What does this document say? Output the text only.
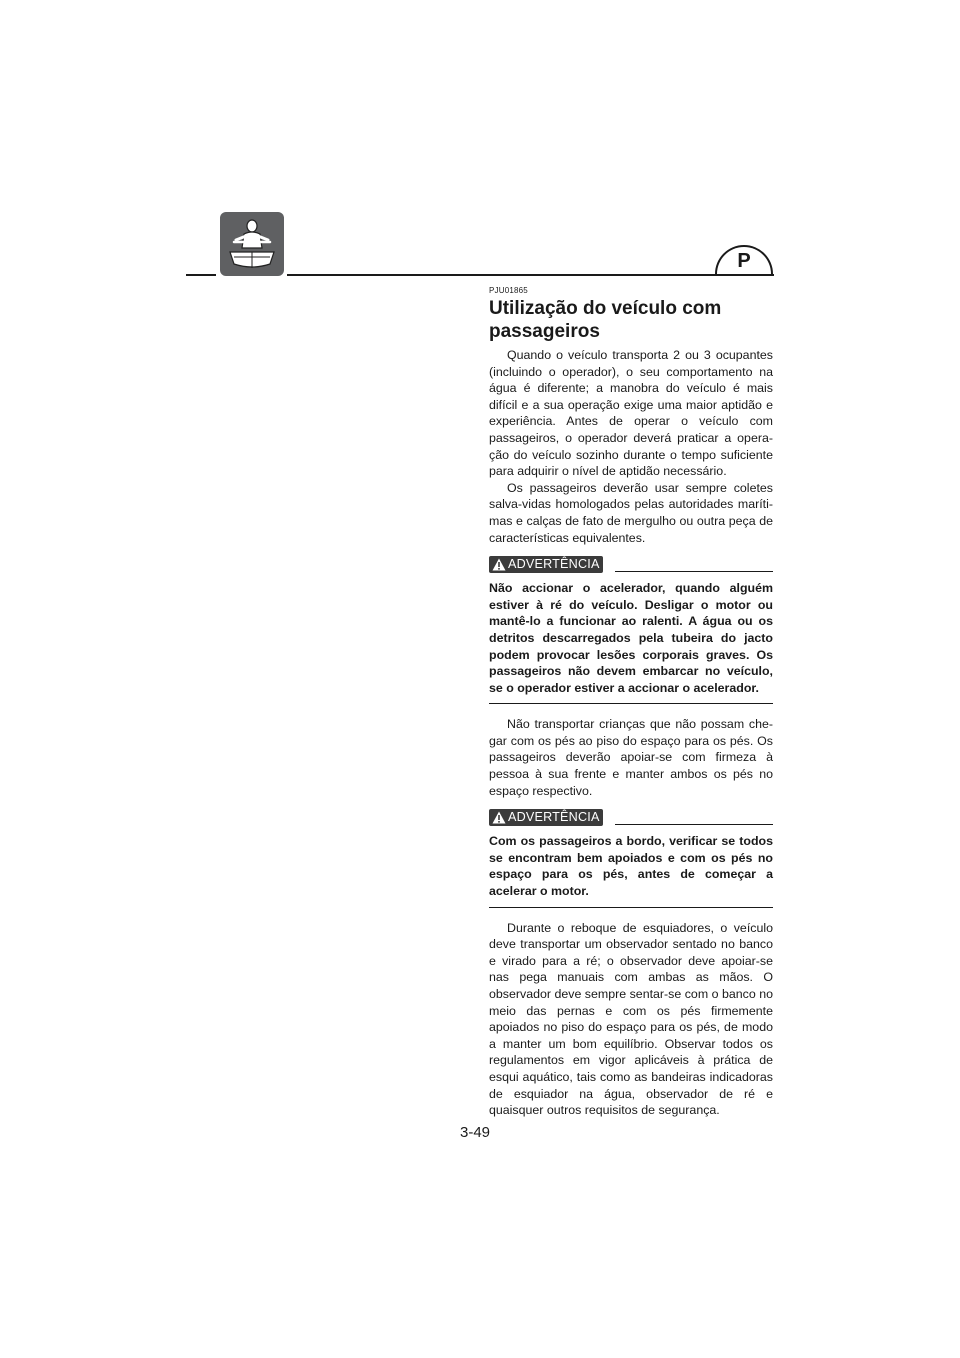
P

PJU01865

Utilização do veículo com
passageiros

Quando o veículo transporta 2 ou 3 ocupantes (incluindo o operador), o seu comportamento na água é diferente; a manobra do veículo é mais difícil e a sua operação exige uma maior aptidão e experiência. Antes de operar o veículo com passageiros, o operador deverá praticar a operação do veículo sozinho durante o tempo suficiente para adquirir o nível de aptidão necessário.

Os passageiros deverão usar sempre coletes salva-vidas homologados pelas autoridades marítimas e calças de fato de mergulho ou outra peça de características equivalentes.

ADVERTÊNCIA

Não accionar o acelerador, quando alguém estiver à ré do veículo. Desligar o motor ou mantê-lo a funcionar ao ralenti. A água ou os detritos descarregados pela tubeira do jacto podem provocar lesões corporais graves. Os passageiros não devem embarcar no veículo, se o operador estiver a accionar o acelerador.

Não transportar crianças que não possam chegar com os pés ao piso do espaço para os pés. Os passageiros deverão apoiar-se com firmeza à pessoa à sua frente e manter ambos os pés no espaço respectivo.

ADVERTÊNCIA

Com os passageiros a bordo, verificar se todos se encontram bem apoiados e com os pés no espaço para os pés, antes de começar a acelerar o motor.

Durante o reboque de esquiadores, o veículo deve transportar um observador sentado no banco e virado para a ré; o observador deve apoiar-se nas pega manuais com ambas as mãos. O observador deve sempre sentar-se com o banco no meio das pernas e com os pés firmemente apoiados no piso do espaço para os pés, de modo a manter um bom equilíbrio. Observar todos os regulamentos em vigor aplicáveis à prática de esqui aquático, tais como as bandeiras indicadoras de esquiador na água, observador de ré e quaisquer outros requisitos de segurança.

3-49
